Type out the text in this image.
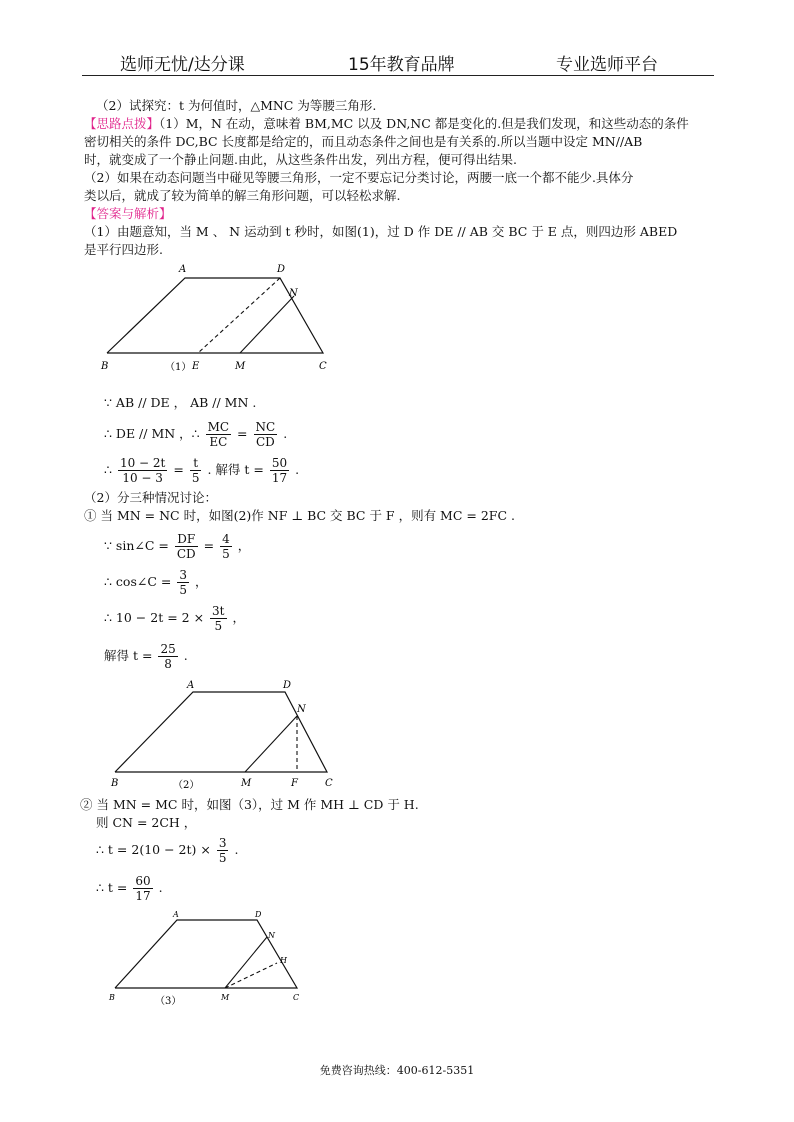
选师无忧/达分课	15年教育品牌	专业选师平台
（2）试探究：t 为何值时，△MNC 为等腰三角形.
【思路点拨】（1）M，N 在动，意味着 BM,MC 以及 DN,NC 都是变化的.但是我们发现，和这些动态的条件
密切相关的条件 DC,BC 长度都是给定的，而且动态条件之间也是有关系的.所以当题中设定 MN//AB
时，就变成了一个静止问题.由此，从这些条件出发，列出方程，便可得出结果.
（2）如果在动态问题当中碰见等腰三角形，一定不要忘记分类讨论，两腰一底一个都不能少.具体分
类以后，就成了较为简单的解三角形问题，可以轻松求解.
【答案与解析】
（1）由题意知，当 M 、 N 运动到 t 秒时，如图(1)，过 D 作 DE // AB 交 BC 于 E 点，则四边形 ABED
是平行四边形.
A	D
N
B	（1） E	M	C
∵ AB // DE ， AB // MN .
∴ DE // MN ，∴ $\frac{MC}{EC} = \frac{NC}{CD}$ .
∴ $\frac{10 - 2t}{10 - 3} = \frac{t}{5}$ . 解得 $t = \frac{50}{17}$ .
（2）分三种情况讨论：
① 当 MN = NC 时，如图(2)作 NF ⊥ BC 交 BC 于 F ，则有 MC = 2FC .
∵ sin∠C = $\frac{DF}{CD} = \frac{4}{5}$ ，
∴ cos∠C = $\frac{3}{5}$ ，
∴ $10 - 2t = 2 \times \frac{3t}{5}$ ，
解得 $t = \frac{25}{8}$ .
A	D
N
B	（2）	M	F	C
② 当 MN = MC 时，如图（3），过 M 作 MH ⊥ CD 于 H.
则 CN = 2CH ，
∴ $t = 2(10 - 2t) \times \frac{3}{5}$ .
∴ $t = \frac{60}{17}$ .
A	D
N
H
B	（3）	M	C
免费咨询热线：400-612-5351
